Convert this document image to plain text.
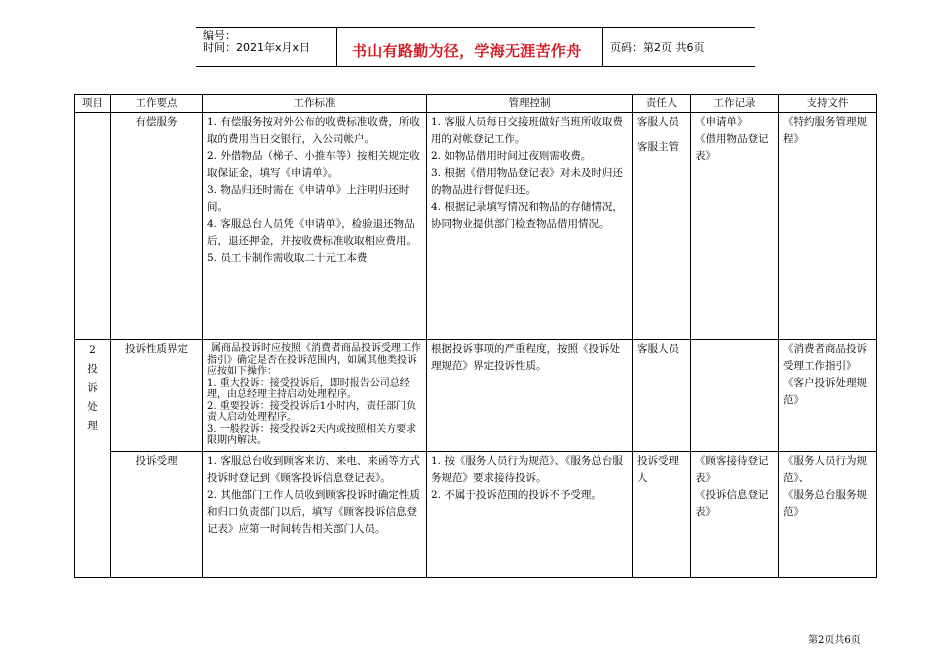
编号：
时间：2021年x月x日	书山有路勤为径，学海无涯苦作舟	页码：第2页 共6页
项目	工作要点	工作标准	管理控制	责任人	工作记录	支持文件
	有偿服务	1. 有偿服务按对外公布的收费标准收费，所收取的费用当日交银行，入公司帐户。
2. 外借物品（梯子、小推车等）按相关规定收取保证金，填写《申请单》。
3. 物品归还时需在《申请单》上注明归还时间。
4. 客服总台人员凭《申请单》，检验退还物品后，退还押金，并按收费标准收取相应费用。
5. 员工卡制作需收取二十元工本费	1. 客服人员每日交接班做好当班所收取费用的对帐登记工作。
2. 如物品借用时间过夜则需收费。
3. 根据《借用物品登记表》对未及时归还的物品进行督促归还。
4. 根据记录填写情况和物品的存储情况，协同物业提供部门检查物品借用情况。	客服人员
客服主管	《申请单》
《借用物品登记表》	《特约服务管理规程》

2
投
诉
处
理	投诉性质界定	属商品投诉时应按照《消费者商品投诉受理工作指引》确定是否在投诉范围内，如属其他类投诉应按如下操作：
1. 重大投诉：接受投诉后，即时报告公司总经理，由总经理主持启动处理程序。
2. 重要投诉：接受投诉后1小时内，责任部门负责人启动处理程序。
3. 一般投诉：接受投诉2天内或按照相关方要求限期内解决。	根据投诉事项的严重程度，按照《投诉处理规范》界定投诉性质。	客服人员		《消费者商品投诉受理工作指引》
《客户投诉处理规范》

	投诉受理	1. 客服总台收到顾客来访、来电、来函等方式投诉时登记到《顾客投诉信息登记表》。
2. 其他部门工作人员收到顾客投诉时确定性质和归口负责部门以后，填写《顾客投诉信息登记表》应第一时间转告相关部门人员。	1. 按《服务人员行为规范》、《服务总台服务规范》要求接待投诉。
2. 不属于投诉范围的投诉不予受理。	投诉受理人	《顾客接待登记表》
《投诉信息登记表》	《服务人员行为规范》、
《服务总台服务规范》
第2页共6页
